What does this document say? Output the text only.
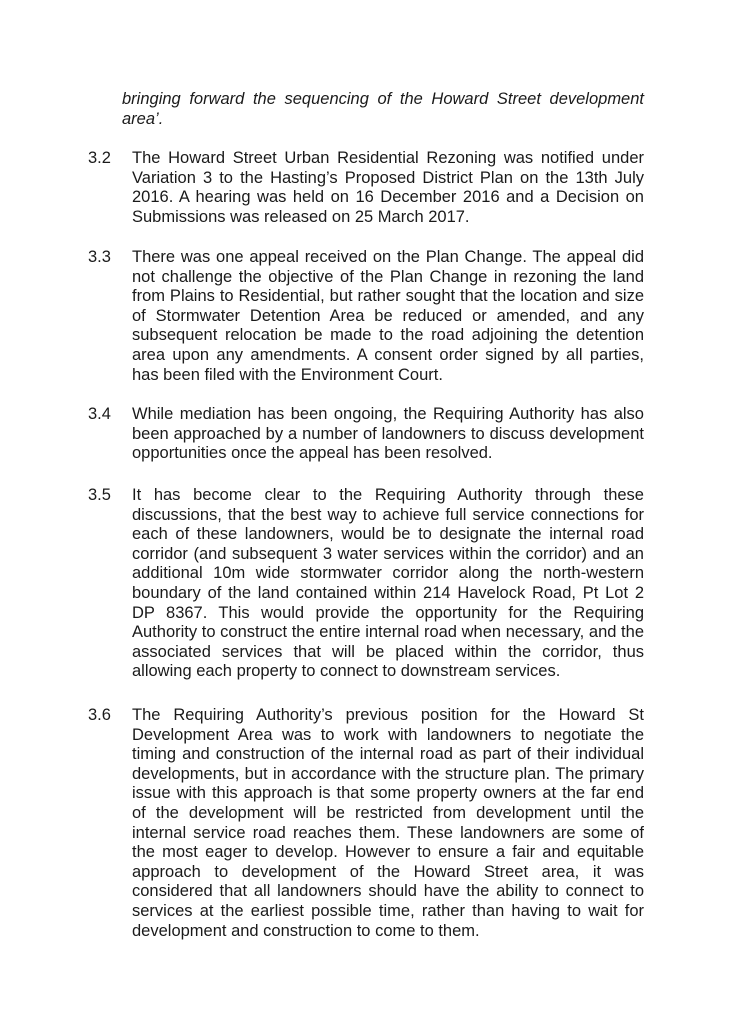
bringing forward the sequencing of the Howard Street development area’.
3.2	The Howard Street Urban Residential Rezoning was notified under Variation 3 to the Hasting’s Proposed District Plan on the 13th July 2016. A hearing was held on 16 December 2016 and a Decision on Submissions was released on 25 March 2017.
3.3	There was one appeal received on the Plan Change. The appeal did not challenge the objective of the Plan Change in rezoning the land from Plains to Residential, but rather sought that the location and size of Stormwater Detention Area be reduced or amended, and any subsequent relocation be made to the road adjoining the detention area upon any amendments. A consent order signed by all parties, has been filed with the Environment Court.
3.4	While mediation has been ongoing, the Requiring Authority has also been approached by a number of landowners to discuss development opportunities once the appeal has been resolved.
3.5	It has become clear to the Requiring Authority through these discussions, that the best way to achieve full service connections for each of these landowners, would be to designate the internal road corridor (and subsequent 3 water services within the corridor) and an additional 10m wide stormwater corridor along the north-western boundary of the land contained within 214 Havelock Road, Pt Lot 2 DP 8367. This would provide the opportunity for the Requiring Authority to construct the entire internal road when necessary, and the associated services that will be placed within the corridor, thus allowing each property to connect to downstream services.
3.6	The Requiring Authority’s previous position for the Howard St Development Area was to work with landowners to negotiate the timing and construction of the internal road as part of their individual developments, but in accordance with the structure plan. The primary issue with this approach is that some property owners at the far end of the development will be restricted from development until the internal service road reaches them. These landowners are some of the most eager to develop. However to ensure a fair and equitable approach to development of the Howard Street area, it was considered that all landowners should have the ability to connect to services at the earliest possible time, rather than having to wait for development and construction to come to them.
